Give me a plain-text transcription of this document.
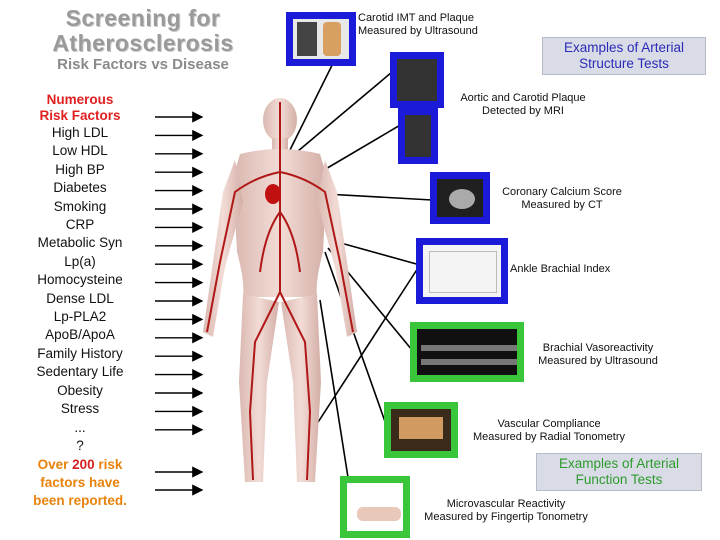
Screening for
Atherosclerosis
Risk Factors vs Disease
Numerous
Risk Factors
High LDL
Low HDL
High BP
Diabetes
Smoking
CRP
Metabolic Syn
Lp(a)
Homocysteine
Dense LDL
Lp-PLA2
ApoB/ApoA
Family History
Sedentary Life
Obesity
Stress
...
?
Over 200 risk
factors have
been reported.
Examples of Arterial Structure Tests
Examples of Arterial Function Tests
Carotid IMT and Plaque
Measured by Ultrasound
Aortic and Carotid Plaque
Detected by MRI
Coronary Calcium Score
Measured by CT
Ankle Brachial Index
Brachial Vasoreactivity
Measured by Ultrasound
Vascular Compliance
Measured by Radial Tonometry
Microvascular Reactivity
Measured by Fingertip Tonometry
